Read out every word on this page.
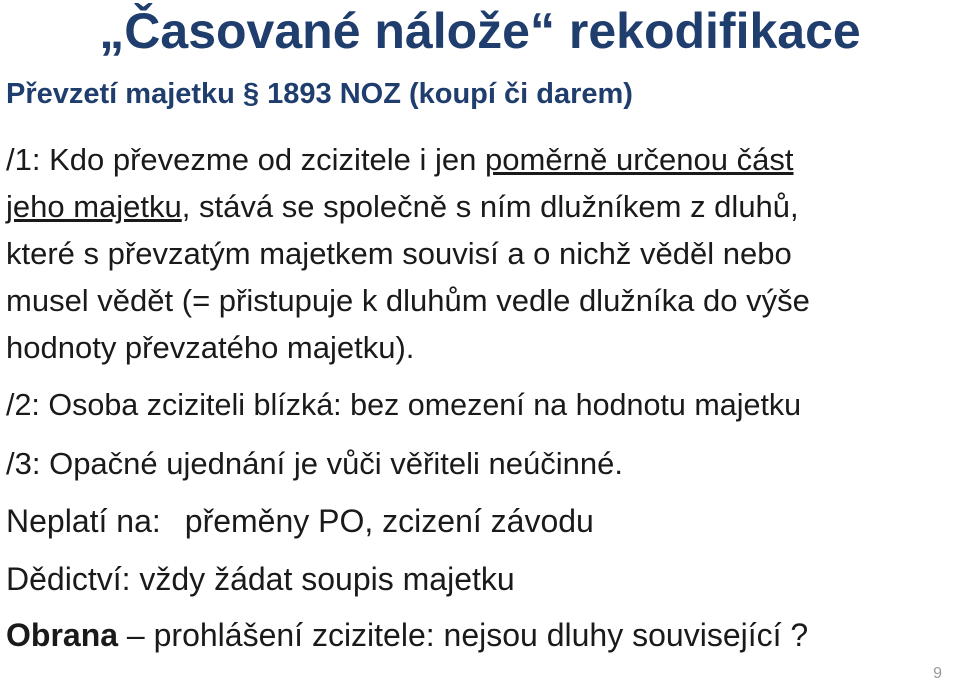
„Časované nálože“ rekodifikace
Převzetí majetku § 1893 NOZ (koupí či darem)
/1: Kdo převezme od zcizitele i jen poměrně určenou část
jeho majetku, stává se společně s ním dlužníkem z dluhů,
které s převzatým majetkem souvisí a o nichž věděl nebo
musel vědět (= přistupuje k dluhům vedle dlužníka do výše
hodnoty převzatého majetku).
/2: Osoba zciziteli blízká: bez omezení na hodnotu majetku
/3: Opačné ujednání je vůči věřiteli neúčinné.
Neplatí na: přeměny PO, zcizení závodu
Dědictví: vždy žádat soupis majetku
Obrana – prohlášení zcizitele: nejsou dluhy související ?
9
